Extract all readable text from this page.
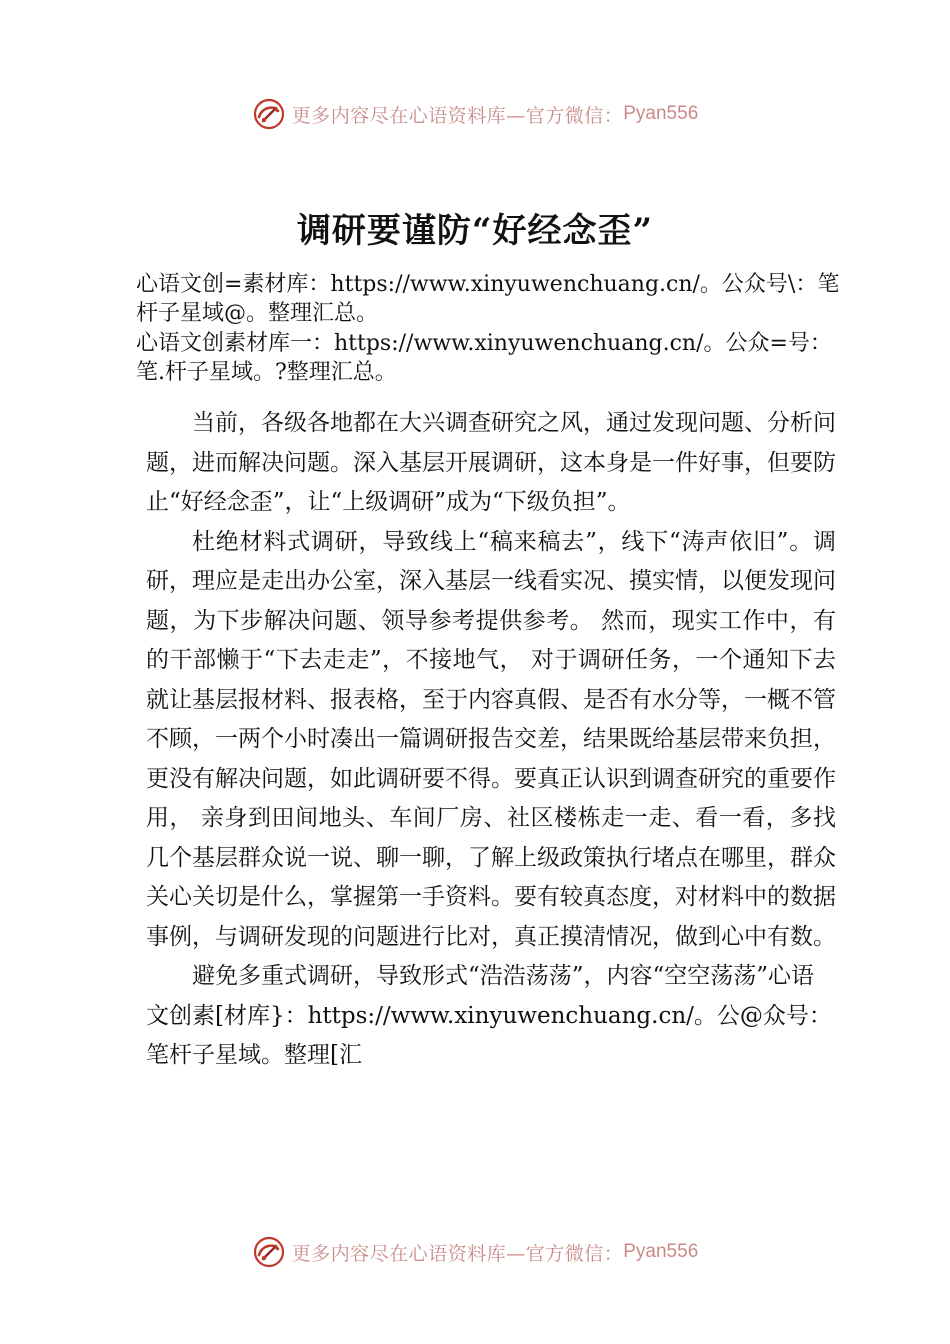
更多内容尽在心语资料库—官方微信： Pyan556
调研要谨防“好经念歪”

心语文创=素材库：https://www.xinyuwenchuang.cn/。公众号\：笔杆子星域@。整理汇总。

心语文创素材库一：https://www.xinyuwenchuang.cn/。公众=号：笔.杆子星域。?整理汇总。

当前，各级各地都在大兴调查研究之风，通过发现问题、分析问题，进而解决问题。深入基层开展调研，这本身是一件好事，但要防止“好经念歪”，让“上级调研”成为“下级负担”。

杜绝材料式调研，导致线上“稿来稿去”，线下“涛声依旧”。调研，理应是走出办公室，深入基层一线看实况、摸实情，以便发现问题，为下步解决问题、领导参考提供参考。 然而，现实工作中，有的干部懒于“下去走走”，不接地气， 对于调研任务，一个通知下去就让基层报材料、报表格，至于内容真假、是否有水分等，一概不管不顾，一两个小时凑出一篇调研报告交差，结果既给基层带来负担，更没有解决问题，如此调研要不得。要真正认识到调查研究的重要作用， 亲身到田间地头、车间厂房、社区楼栋走一走、看一看，多找几个基层群众说一说、聊一聊，了解上级政策执行堵点在哪里，群众关心关切是什么，掌握第一手资料。要有较真态度，对材料中的数据事例，与调研发现的问题进行比对，真正摸清情况，做到心中有数。

避免多重式调研，导致形式“浩浩荡荡”，内容“空空荡荡”心语文创素[材库}：https://www.xinyuwenchuang.cn/。公@众号：笔杆子星域。整理[汇

更多内容尽在心语资料库—官方微信： Pyan556
